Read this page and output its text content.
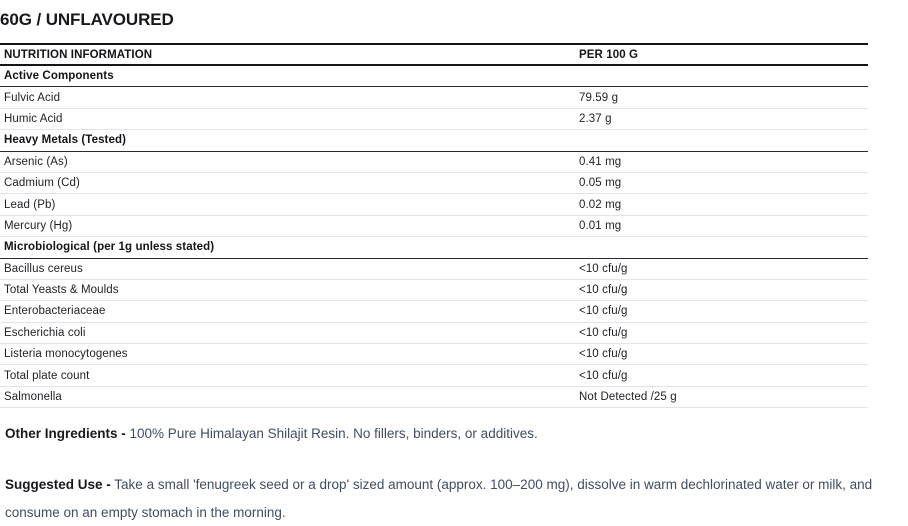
60G / UNFLAVOURED
NUTRITION INFORMATION	PER 100 G
Active Components
Fulvic Acid	79.59 g
Humic Acid	2.37 g
Heavy Metals (Tested)
Arsenic (As)	0.41 mg
Cadmium (Cd)	0.05 mg
Lead (Pb)	0.02 mg
Mercury (Hg)	0.01 mg
Microbiological (per 1g unless stated)
Bacillus cereus	<10 cfu/g
Total Yeasts & Moulds	<10 cfu/g
Enterobacteriaceae	<10 cfu/g
Escherichia coli	<10 cfu/g
Listeria monocytogenes	<10 cfu/g
Total plate count	<10 cfu/g
Salmonella	Not Detected /25 g

Other Ingredients - 100% Pure Himalayan Shilajit Resin. No fillers, binders, or additives.

Suggested Use - Take a small 'fenugreek seed or a drop' sized amount (approx. 100–200 mg), dissolve in warm dechlorinated water or milk, and consume on an empty stomach in the morning.
